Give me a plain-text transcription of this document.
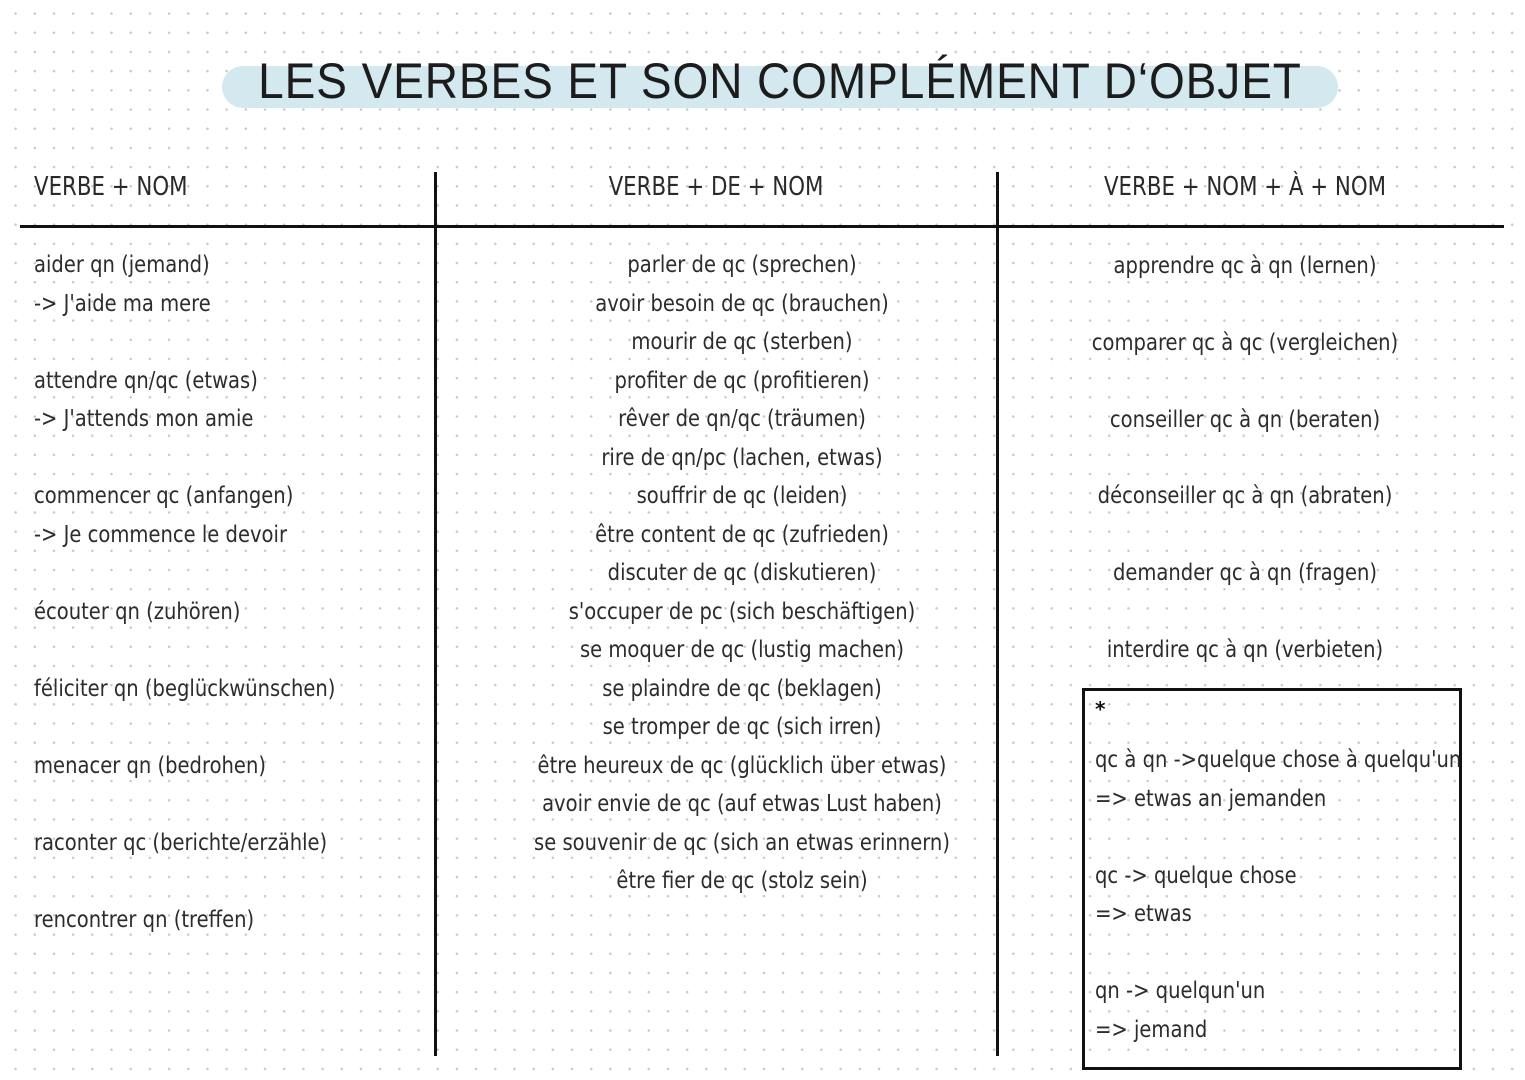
LES VERBES ET SON COMPLÉMENT D‘OBJET
VERBE + NOM	VERBE + DE + NOM	VERBE + NOM + À + NOM
aider qn (jemand)
-> J'aide ma mere
attendre qn/qc (etwas)
-> J'attends mon amie
commencer qc (anfangen)
-> Je commence le devoir
écouter qn (zuhören)
féliciter qn (beglückwünschen)
menacer qn (bedrohen)
raconter qc (berichte/erzähle)
rencontrer qn (treffen)
parler de qc (sprechen)
avoir besoin de qc (brauchen)
mourir de qc (sterben)
profiter de qc (profitieren)
rêver de qn/qc (träumen)
rire de qn/pc (lachen, etwas)
souffrir de qc (leiden)
être content de qc (zufrieden)
discuter de qc (diskutieren)
s'occuper de pc (sich beschäftigen)
se moquer de qc (lustig machen)
se plaindre de qc (beklagen)
se tromper de qc (sich irren)
être heureux de qc (glücklich über etwas)
avoir envie de qc (auf etwas Lust haben)
se souvenir de qc (sich an etwas erinnern)
être fier de qc (stolz sein)
apprendre qc à qn (lernen)
comparer qc à qc (vergleichen)
conseiller qc à qn (beraten)
déconseiller qc à qn (abraten)
demander qc à qn (fragen)
interdire qc à qn (verbieten)
*
qc à qn ->quelque chose à quelqu'un
=> etwas an jemanden
qc -> quelque chose
=> etwas
qn -> quelqun'un
=> jemand
